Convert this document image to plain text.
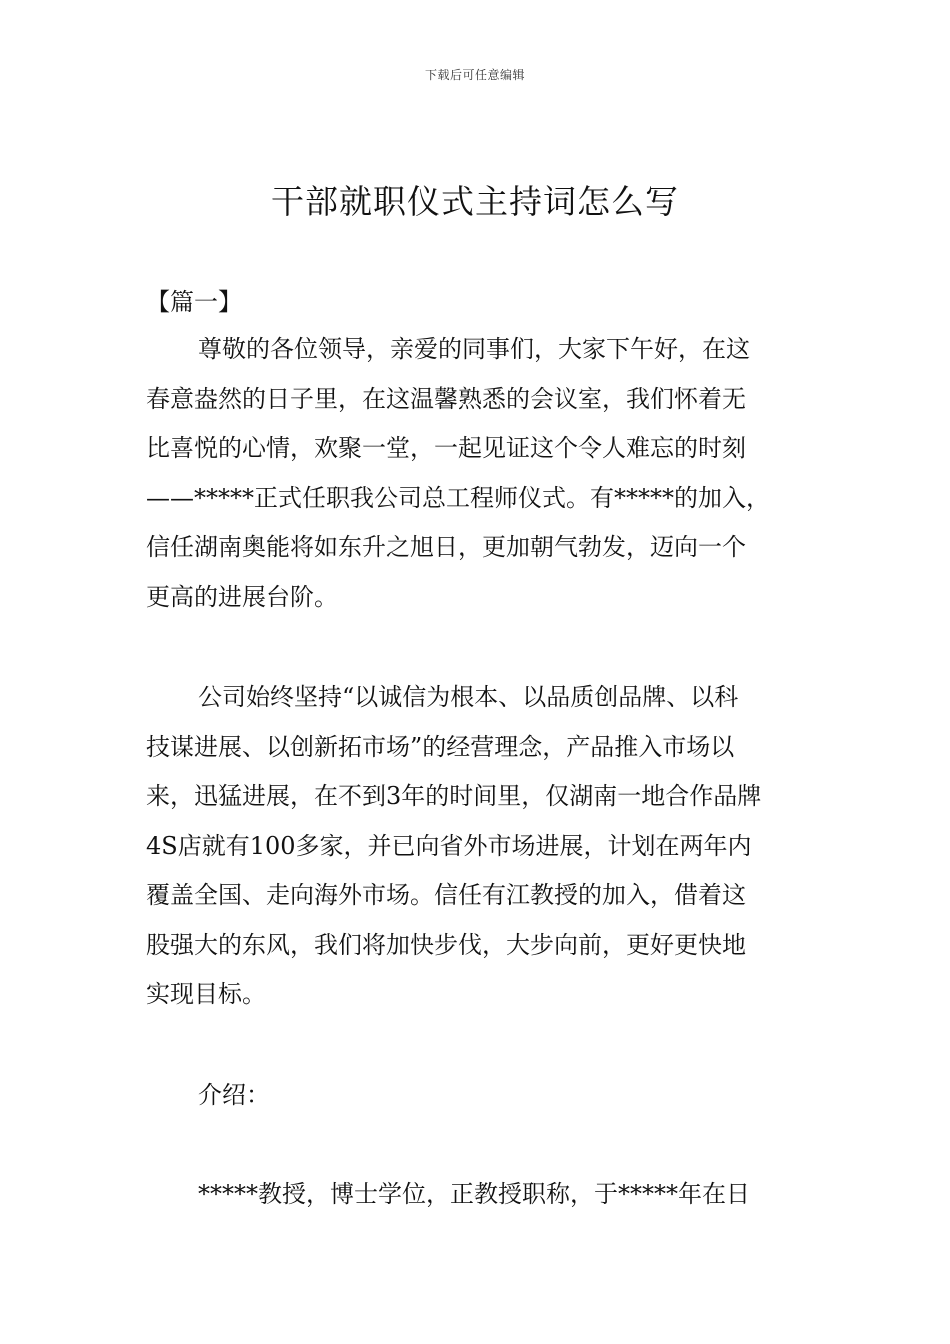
下载后可任意编辑
干部就职仪式主持词怎么写
【篇一】

尊敬的各位领导，亲爱的同事们，大家下午好，在这
春意盎然的日子里，在这温馨熟悉的会议室，我们怀着无
比喜悦的心情，欢聚一堂，一起见证这个令人难忘的时刻
——*****正式任职我公司总工程师仪式。有*****的加入，
信任湖南奥能将如东升之旭日，更加朝气勃发，迈向一个
更高的进展台阶。

公司始终坚持“以诚信为根本、以品质创品牌、以科
技谋进展、以创新拓市场”的经营理念，产品推入市场以
来，迅猛进展，在不到3年的时间里，仅湖南一地合作品牌
4S店就有100多家，并已向省外市场进展，计划在两年内
覆盖全国、走向海外市场。信任有江教授的加入，借着这
股强大的东风，我们将加快步伐，大步向前，更好更快地
实现目标。

介绍：

*****教授，博士学位，正教授职称，于*****年在日
